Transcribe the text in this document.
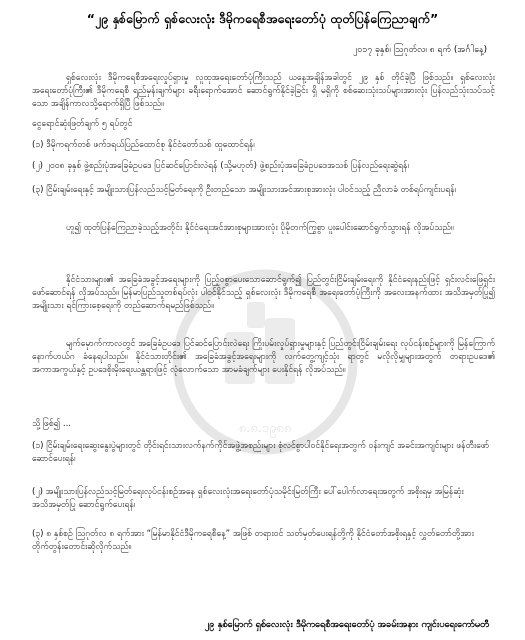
၈.၈.၁၉၈၈
“၂၉ နှစ်မြောက် ရှစ်လေးလုံး ဒီမိုကရေစီအရေးတော်ပုံ ထုတ်ပြန်ကြေညာချက်”
၂၀၁၇ ခုနှစ်၊ ဩဂုတ်လ၊ ၈ ရက် (အင်္ဂါနေ့)
ရှစ်လေးလုံး ဒီမိုကရေစီအရေးလှုပ်ရှားမှု လူထုအရေးတော်ပုံကြီးသည် ယနေ့အချိန်အခါတွင် ၂၉ နှစ် တိုင်ခဲ့ပြီ ဖြစ်သည်။ ရှစ်လေးလုံးအရေးတော်ပုံကြီး၏ ဒီမိုကရေစီ ရည်မှန်းချက်များ ခရီးရောက်အောင် ဆောင်ရွက်နိုင်ခဲ့ခြင်း ရှိ မရှိကို စစ်ဆေးသုံးသပ်များအားလုံး ပြန်လည်သုံးသပ်သင့်သော အချိန်ကာလသို့ရောက်ရှိပြီ ဖြစ်သည်။
ငွေရောင်ဆုံးဖြတ်ချက် ၅ ရပ်တွင်
(၁) ဒီမိုကရက်တစ် ဖက်ဒရယ်ပြည်ထောင်စု နိုင်ငံတော်သစ် ထူထောင်ရန်၊
(၂) ၂၀၀၈ ခုနှစ် ဖွဲ့စည်းပုံအခြေခံဥပဒေ ပြင်ဆင်ပြောင်းလဲရန် (သို့မဟုတ်) ဖွဲ့စည်းပုံအခြေခံဥပဒေအသစ် ပြန်လည်ရေးဆွဲရန်၊
(၃) ငြိမ်းချမ်းရေးနှင့် အမျိုးသားပြန်လည်သင့်မြတ်ရေးကို ဦးတည်သော အမျိုးသားအင်အားစုအားလုံး ပါဝင်သည့် ညီလာခံ တစ်ရပ်ကျင်းပရန်၊
ဟူ၍ ထုတ်ပြန်ကြေညာခဲ့သည့်အတိုင်း နိုင်ငံရေးအင်အားစုများအားလုံး ပိုမိုတက်ကြွစွာ ပူးပေါင်းဆောင်ရွက်သွားရန် လိုအပ်သည်။
နိုင်ငံသားများ၏ အခြေခံအခွင့်အရေးများကို ပြည့်ဝစွာပေးသောဆောင်ရွက်၍ ပြည်တွင်းငြိမ်းချမ်းရေးကို နိုင်ငံရေးနည်းဖြင့် ရှင်းလင်းဖြေရှင်း ဖော်ဆောင်ရန် လိုအပ်သည်။ မြန်မာပြည်သူတစ်ရပ်လုံး ပါဝင်နိုင်သည့် ရှစ်လေးလုံး ဒီမိုကရေစီ အရေးတော်ပုံကြီးကို အလေးအနက်ထား အသိအမှတ်ပြု၍ အမျိုးသား ရင်ကြားစေ့ရေးကို တည်ဆောက်ရမည်ဖြစ်သည်။
မျက်မှောက်ကာလတွင် အခြေခံဥပဒေ ပြင်ဆင်ပြောင်းလဲရေး ကြိုးပမ်းလှုပ်ရှားမှုများနှင့် ပြည်တွင်းငြိမ်းချမ်းရေး လုပ်ငန်းစဉ်များကို မြန်ကြောက်နောက်ဟယ်ဂ ခံနေရပါသည်။ နိုင်ငံသားတိုင်း၏ အခြေခံအခွင့်အရေးများကို လက်တွေ့ကျင့်သုံး ရာတွင် မလိုလိုမျှများအတွက် တရားဥပဒေ၏ အကာအကွယ်နှင့် ဥပဒေစိုးမိုးရေးယန္တရားဖြင့် လုံလောက်သော အာမခံချက်များ ပေးနိုင်ရန် လိုအပ်သည်။
သို့ဖြစ်၍ ...
(၁) ငြိမ်းချမ်းရေးဆွေးနွေးပွဲများတွင် တိုင်းရင်းသားလက်နက်ကိုင်အဖွဲ့အစည်းများ စုံလင်စွာပါဝင်နိုင်ရေးအတွက် ဝန်းကျင် အခင်းအကျင်းများ ဖန်တီးဖော်ဆောင်ပေးရန်၊
(၂) အမျိုးသားပြန်လည်သင့်မြတ်ရေးလုပ်ငန်းစဉ်အနေ ရှစ်လေးလုံးအရေးတော်ပုံသမိုင်းမြတ်ကြီး ပေါ်ပေါက်လာရေးအတွက် အစိုးရမှ အမြန်ဆုံးအသိအမှတ်ပြု ဆောင်ရွက်ပေးရန်၊
(၃) ၈ နှစ်စဉ် ဩဂုတ်လ ၈ ရက်အား “မြန်မာနိုင်ငံဒီမိုကရေစီနေ့” အဖြစ် တရားဝင် သတ်မှတ်ပေးရန်တို့ကို နိုင်ငံတော်အစိုးရနှင့် လွှတ်တော်တို့အား တိုက်တွန်းတောင်းဆိုလိုက်သည်။
၂၉ နှစ်မြောက် ရှစ်လေးလုံး ဒီမိုကရေစီအရေးတော်ပုံ အခမ်းအနား ကျင်းပရေးကော်မတီ
